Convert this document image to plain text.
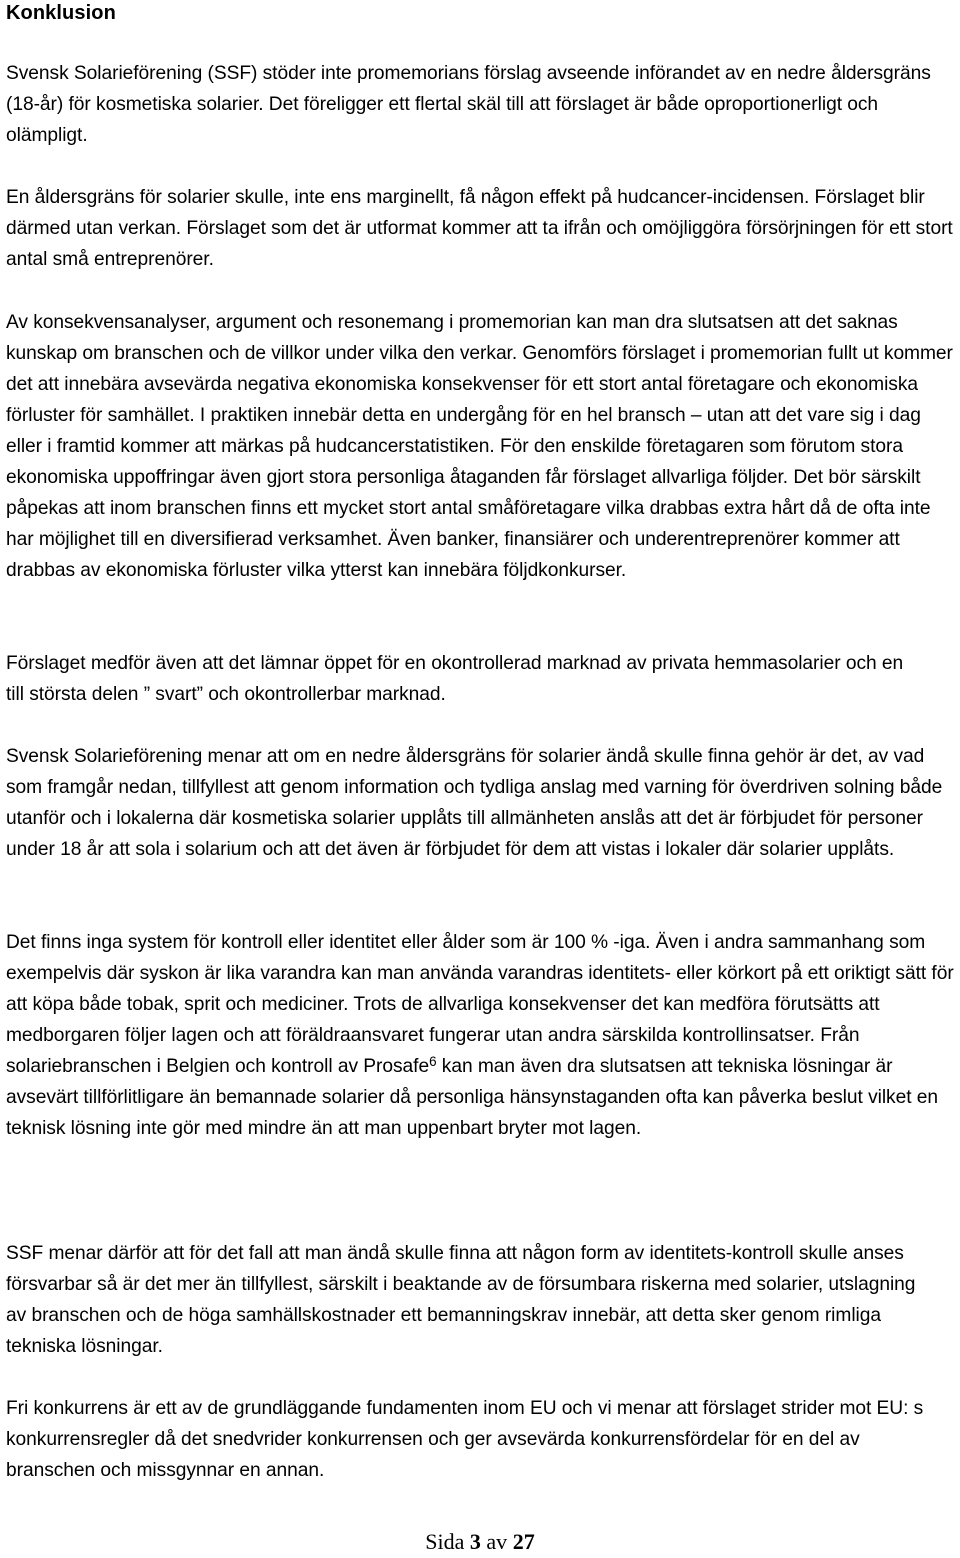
Konklusion

Svensk Solarieförening (SSF) stöder inte promemorians förslag avseende införandet av en nedre åldersgräns (18-år) för kosmetiska solarier. Det föreligger ett flertal skäl till att förslaget är både oproportionerligt och olämpligt.

En åldersgräns för solarier skulle, inte ens marginellt, få någon effekt på hudcancer-incidensen. Förslaget blir därmed utan verkan. Förslaget som det är utformat kommer att ta ifrån och omöjliggöra försörjningen för ett stort antal små entreprenörer.

Av konsekvensanalyser, argument och resonemang i promemorian kan man dra slutsatsen att det saknas kunskap om branschen och de villkor under vilka den verkar. Genomförs förslaget i promemorian fullt ut kommer det att innebära avsevärda negativa ekonomiska konsekvenser för ett stort antal företagare och ekonomiska förluster för samhället. I praktiken innebär detta en undergång för en hel bransch – utan att det vare sig i dag eller i framtid kommer att märkas på hudcancerstatistiken. För den enskilde företagaren som förutom stora ekonomiska uppoffringar även gjort stora personliga åtaganden får förslaget allvarliga följder. Det bör särskilt påpekas att inom branschen finns ett mycket stort antal småföretagare vilka drabbas extra hårt då de ofta inte har möjlighet till en diversifierad verksamhet. Även banker, finansiärer och underentreprenörer kommer att drabbas av ekonomiska förluster vilka ytterst kan innebära följdkonkurser.

Förslaget medför även att det lämnar öppet för en okontrollerad marknad av privata hemmasolarier och en till största delen ” svart” och okontrollerbar marknad.

Svensk Solarieförening menar att om en nedre åldersgräns för solarier ändå skulle finna gehör är det, av vad som framgår nedan, tillfyllest att genom information och tydliga anslag med varning för överdriven solning både utanför och i lokalerna där kosmetiska solarier upplåts till allmänheten anslås att det är förbjudet för personer under 18 år att sola i solarium och att det även är förbjudet för dem att vistas i lokaler där solarier upplåts.

Det finns inga system för kontroll eller identitet eller ålder som är 100 % -iga. Även i andra sammanhang som exempelvis där syskon är lika varandra kan man använda varandras identitets- eller körkort på ett oriktigt sätt för att köpa både tobak, sprit och mediciner. Trots de allvarliga konsekvenser det kan medföra förutsätts att medborgaren följer lagen och att föräldraansvaret fungerar utan andra särskilda kontrollinsatser. Från solariebranschen i Belgien och kontroll av Prosafe$^6$ kan man även dra slutsatsen att tekniska lösningar är avsevärt tillförlitligare än bemannade solarier då personliga hänsynstaganden ofta kan påverka beslut vilket en teknisk lösning inte gör med mindre än att man uppenbart bryter mot lagen.

SSF menar därför att för det fall att man ändå skulle finna att någon form av identitets-kontroll skulle anses försvarbar så är det mer än tillfyllest, särskilt i beaktande av de försumbara riskerna med solarier, utslagning av branschen och de höga samhällskostnader ett bemanningskrav innebär, att detta sker genom rimliga tekniska lösningar.

Fri konkurrens är ett av de grundläggande fundamenten inom EU och vi menar att förslaget strider mot EU: s konkurrensregler då det snedvrider konkurrensen och ger avsevärda konkurrensfördelar för en del av branschen och missgynnar en annan.

Sida 3 av 27
